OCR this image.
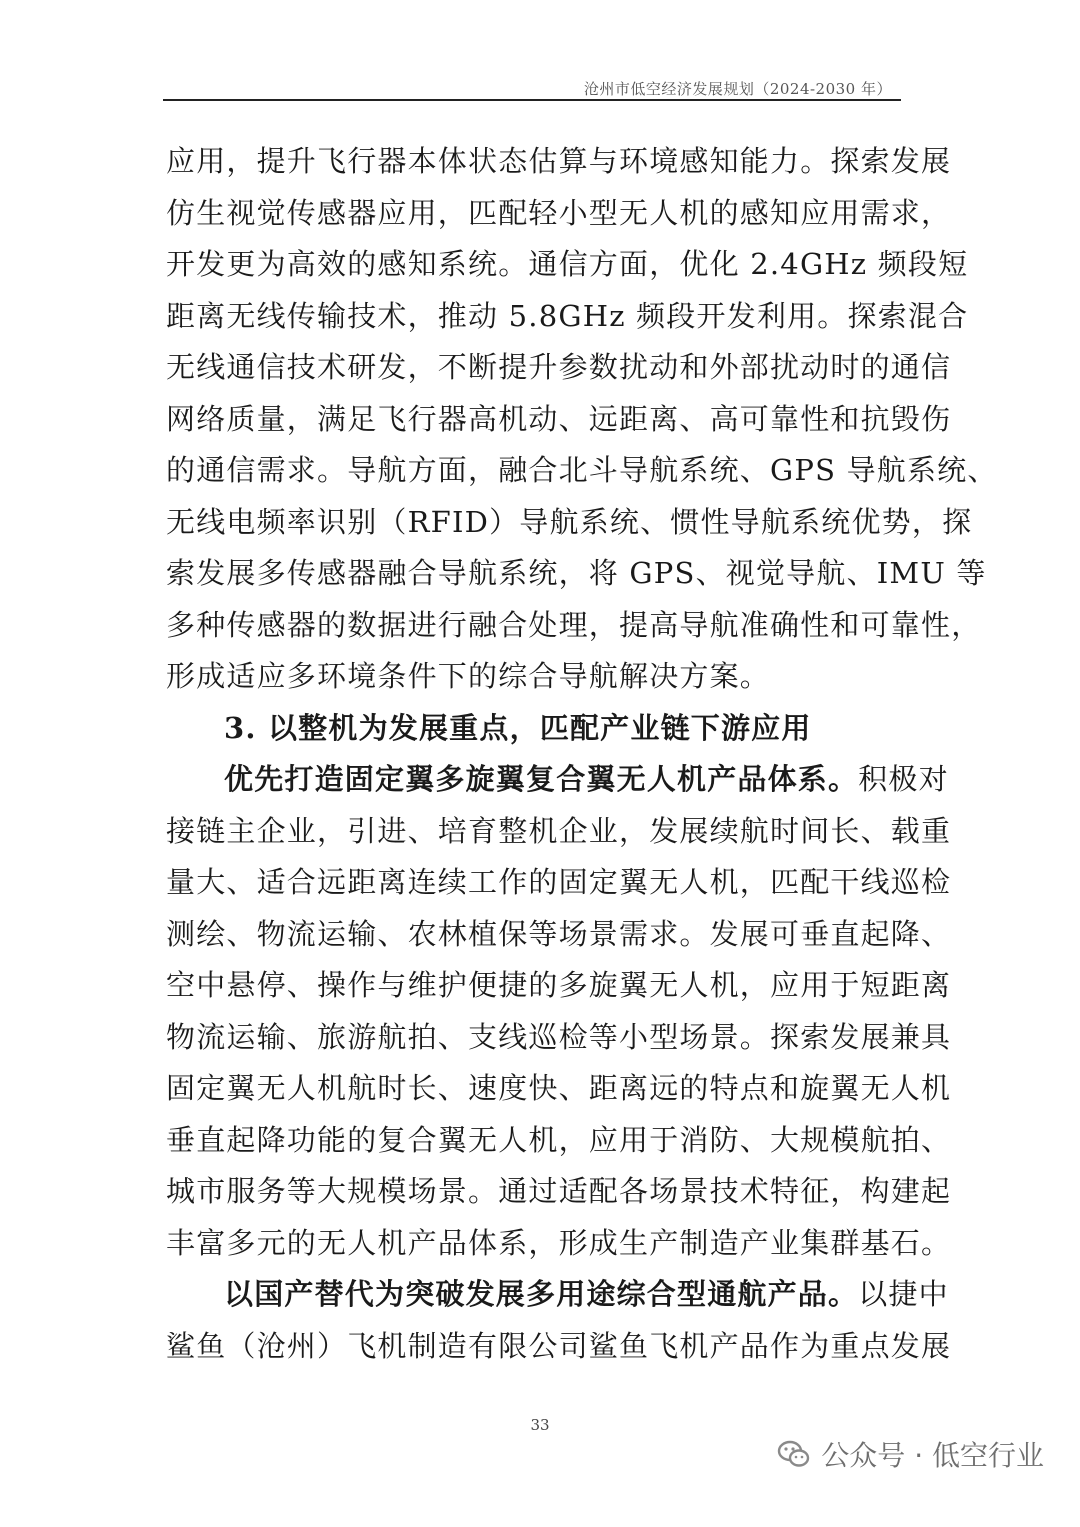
沧州市低空经济发展规划（2024-2030 年）
应用，提升飞行器本体状态估算与环境感知能力。探索发展
仿生视觉传感器应用，匹配轻小型无人机的感知应用需求，
开发更为高效的感知系统。通信方面，优化 2.4GHz 频段短
距离无线传输技术，推动 5.8GHz 频段开发利用。探索混合
无线通信技术研发，不断提升参数扰动和外部扰动时的通信
网络质量，满足飞行器高机动、远距离、高可靠性和抗毁伤
的通信需求。导航方面，融合北斗导航系统、GPS 导航系统、
无线电频率识别（RFID）导航系统、惯性导航系统优势，探
索发展多传感器融合导航系统，将 GPS、视觉导航、IMU 等
多种传感器的数据进行融合处理，提高导航准确性和可靠性，
形成适应多环境条件下的综合导航解决方案。
3. 以整机为发展重点，匹配产业链下游应用
优先打造固定翼多旋翼复合翼无人机产品体系。积极对
接链主企业，引进、培育整机企业，发展续航时间长、载重
量大、适合远距离连续工作的固定翼无人机，匹配干线巡检
测绘、物流运输、农林植保等场景需求。发展可垂直起降、
空中悬停、操作与维护便捷的多旋翼无人机，应用于短距离
物流运输、旅游航拍、支线巡检等小型场景。探索发展兼具
固定翼无人机航时长、速度快、距离远的特点和旋翼无人机
垂直起降功能的复合翼无人机，应用于消防、大规模航拍、
城市服务等大规模场景。通过适配各场景技术特征，构建起
丰富多元的无人机产品体系，形成生产制造产业集群基石。
以国产替代为突破发展多用途综合型通航产品。以捷中
鲨鱼（沧州）飞机制造有限公司鲨鱼飞机产品作为重点发展
33
公众号 · 低空行业
